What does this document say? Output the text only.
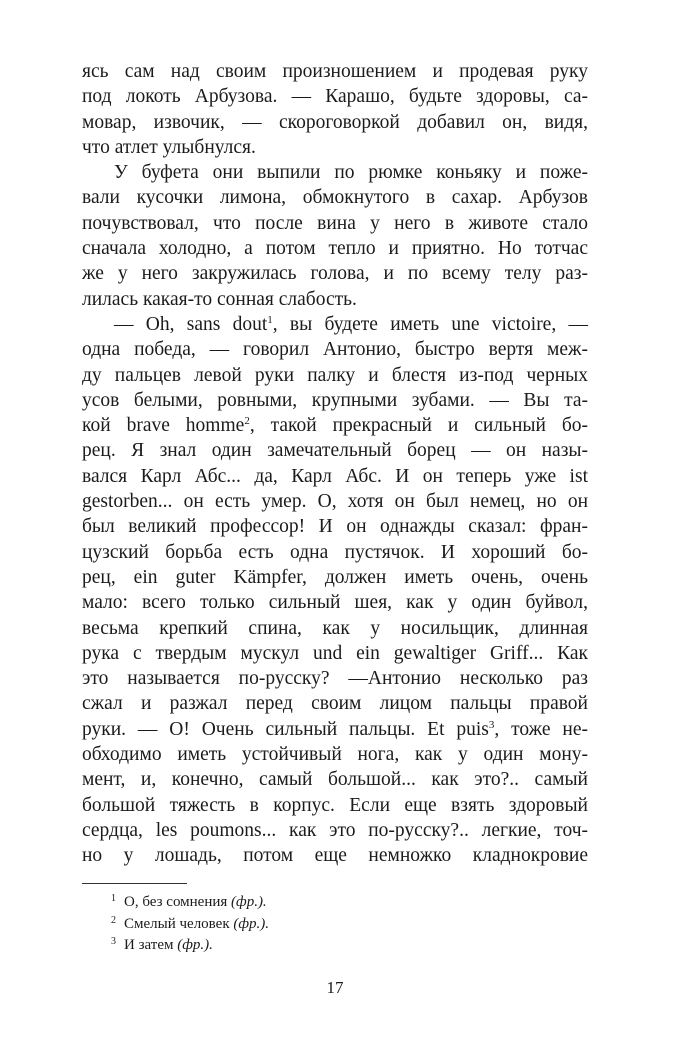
ясь сам над своим произношением и продевая руку
под локоть Арбузова. — Карашо, будьте здоровы, са-
мовар, извочик, — скороговоркой добавил он, видя,
что атлет улыбнулся.
У буфета они выпили по рюмке коньяку и поже-
вали кусочки лимона, обмокнутого в сахар. Арбузов
почувствовал, что после вина у него в животе стало
сначала холодно, а потом тепло и приятно. Но тотчас
же у него закружилась голова, и по всему телу раз-
лилась какая-то сонная слабость.
— Oh, sans dout$^1$, вы будете иметь une victoire, —
одна победа, — говорил Антонио, быстро вертя меж-
ду пальцев левой руки палку и блестя из-под черных
усов белыми, ровными, крупными зубами. — Вы та-
кой brave homme$^2$, такой прекрасный и сильный бо-
рец. Я знал один замечательный борец — он назы-
вался Карл Абс... да, Карл Абс. И он теперь уже ist
gestorben... он есть умер. О, хотя он был немец, но он
был великий профессор! И он однажды сказал: фран-
цузский борьба есть одна пустячок. И хороший бо-
рец, ein guter Kämpfer, должен иметь очень, очень
мало: всего только сильный шея, как у один буйвол,
весьма крепкий спина, как у носильщик, длинная
рука с твердым мускул und ein gewaltiger Griff... Как
это называется по-русску? —Антонио несколько раз
сжал и разжал перед своим лицом пальцы правой
руки. — О! Очень сильный пальцы. Et puis$^3$, тоже не-
обходимо иметь устойчивый нога, как у один мону-
мент, и, конечно, самый большой... как это?.. самый
большой тяжесть в корпус. Если еще взять здоровый
сердца, les poumons... как это по-русску?.. легкие, точ-
но у лошадь, потом еще немножко кладнокровие
1 О, без сомнения (фр.).
2 Смелый человек (фр.).
3 И затем (фр.).
17
